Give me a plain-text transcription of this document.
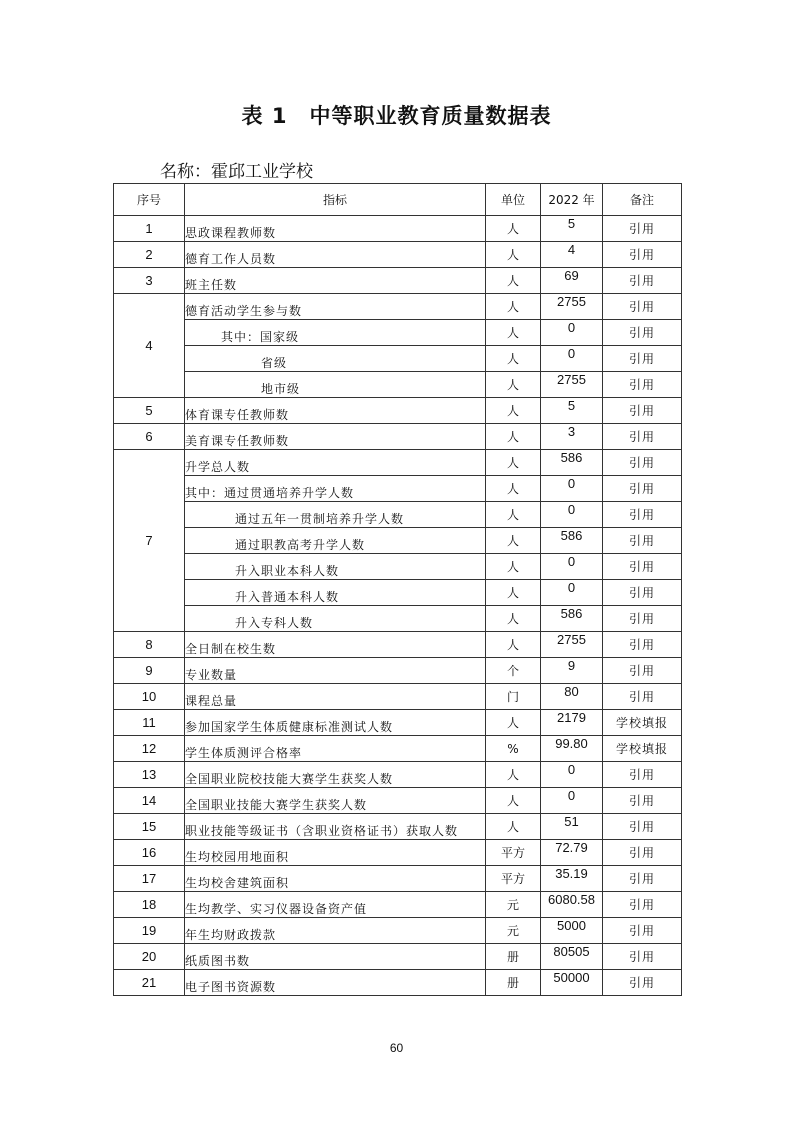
表 1　中等职业教育质量数据表
名称：霍邱工业学校
序号	指标	单位	2022 年	备注
1	思政课程教师数	人	5	引用
2	德育工作人员数	人	4	引用
3	班主任数	人	69	引用
4	德育活动学生参与数	人	2755	引用
	其中：国家级	人	0	引用
	省级	人	0	引用
	地市级	人	2755	引用
5	体育课专任教师数	人	5	引用
6	美育课专任教师数	人	3	引用
7	升学总人数	人	586	引用
	其中：通过贯通培养升学人数	人	0	引用
	通过五年一贯制培养升学人数	人	0	引用
	通过职教高考升学人数	人	586	引用
	升入职业本科人数	人	0	引用
	升入普通本科人数	人	0	引用
	升入专科人数	人	586	引用
8	全日制在校生数	人	2755	引用
9	专业数量	个	9	引用
10	课程总量	门	80	引用
11	参加国家学生体质健康标准测试人数	人	2179	学校填报
12	学生体质测评合格率	%	99.80	学校填报
13	全国职业院校技能大赛学生获奖人数	人	0	引用
14	全国职业技能大赛学生获奖人数	人	0	引用
15	职业技能等级证书（含职业资格证书）获取人数	人	51	引用
16	生均校园用地面积	平方	72.79	引用
17	生均校舍建筑面积	平方	35.19	引用
18	生均教学、实习仪器设备资产值	元	6080.58	引用
19	年生均财政拨款	元	5000	引用
20	纸质图书数	册	80505	引用
21	电子图书资源数	册	50000	引用
60
